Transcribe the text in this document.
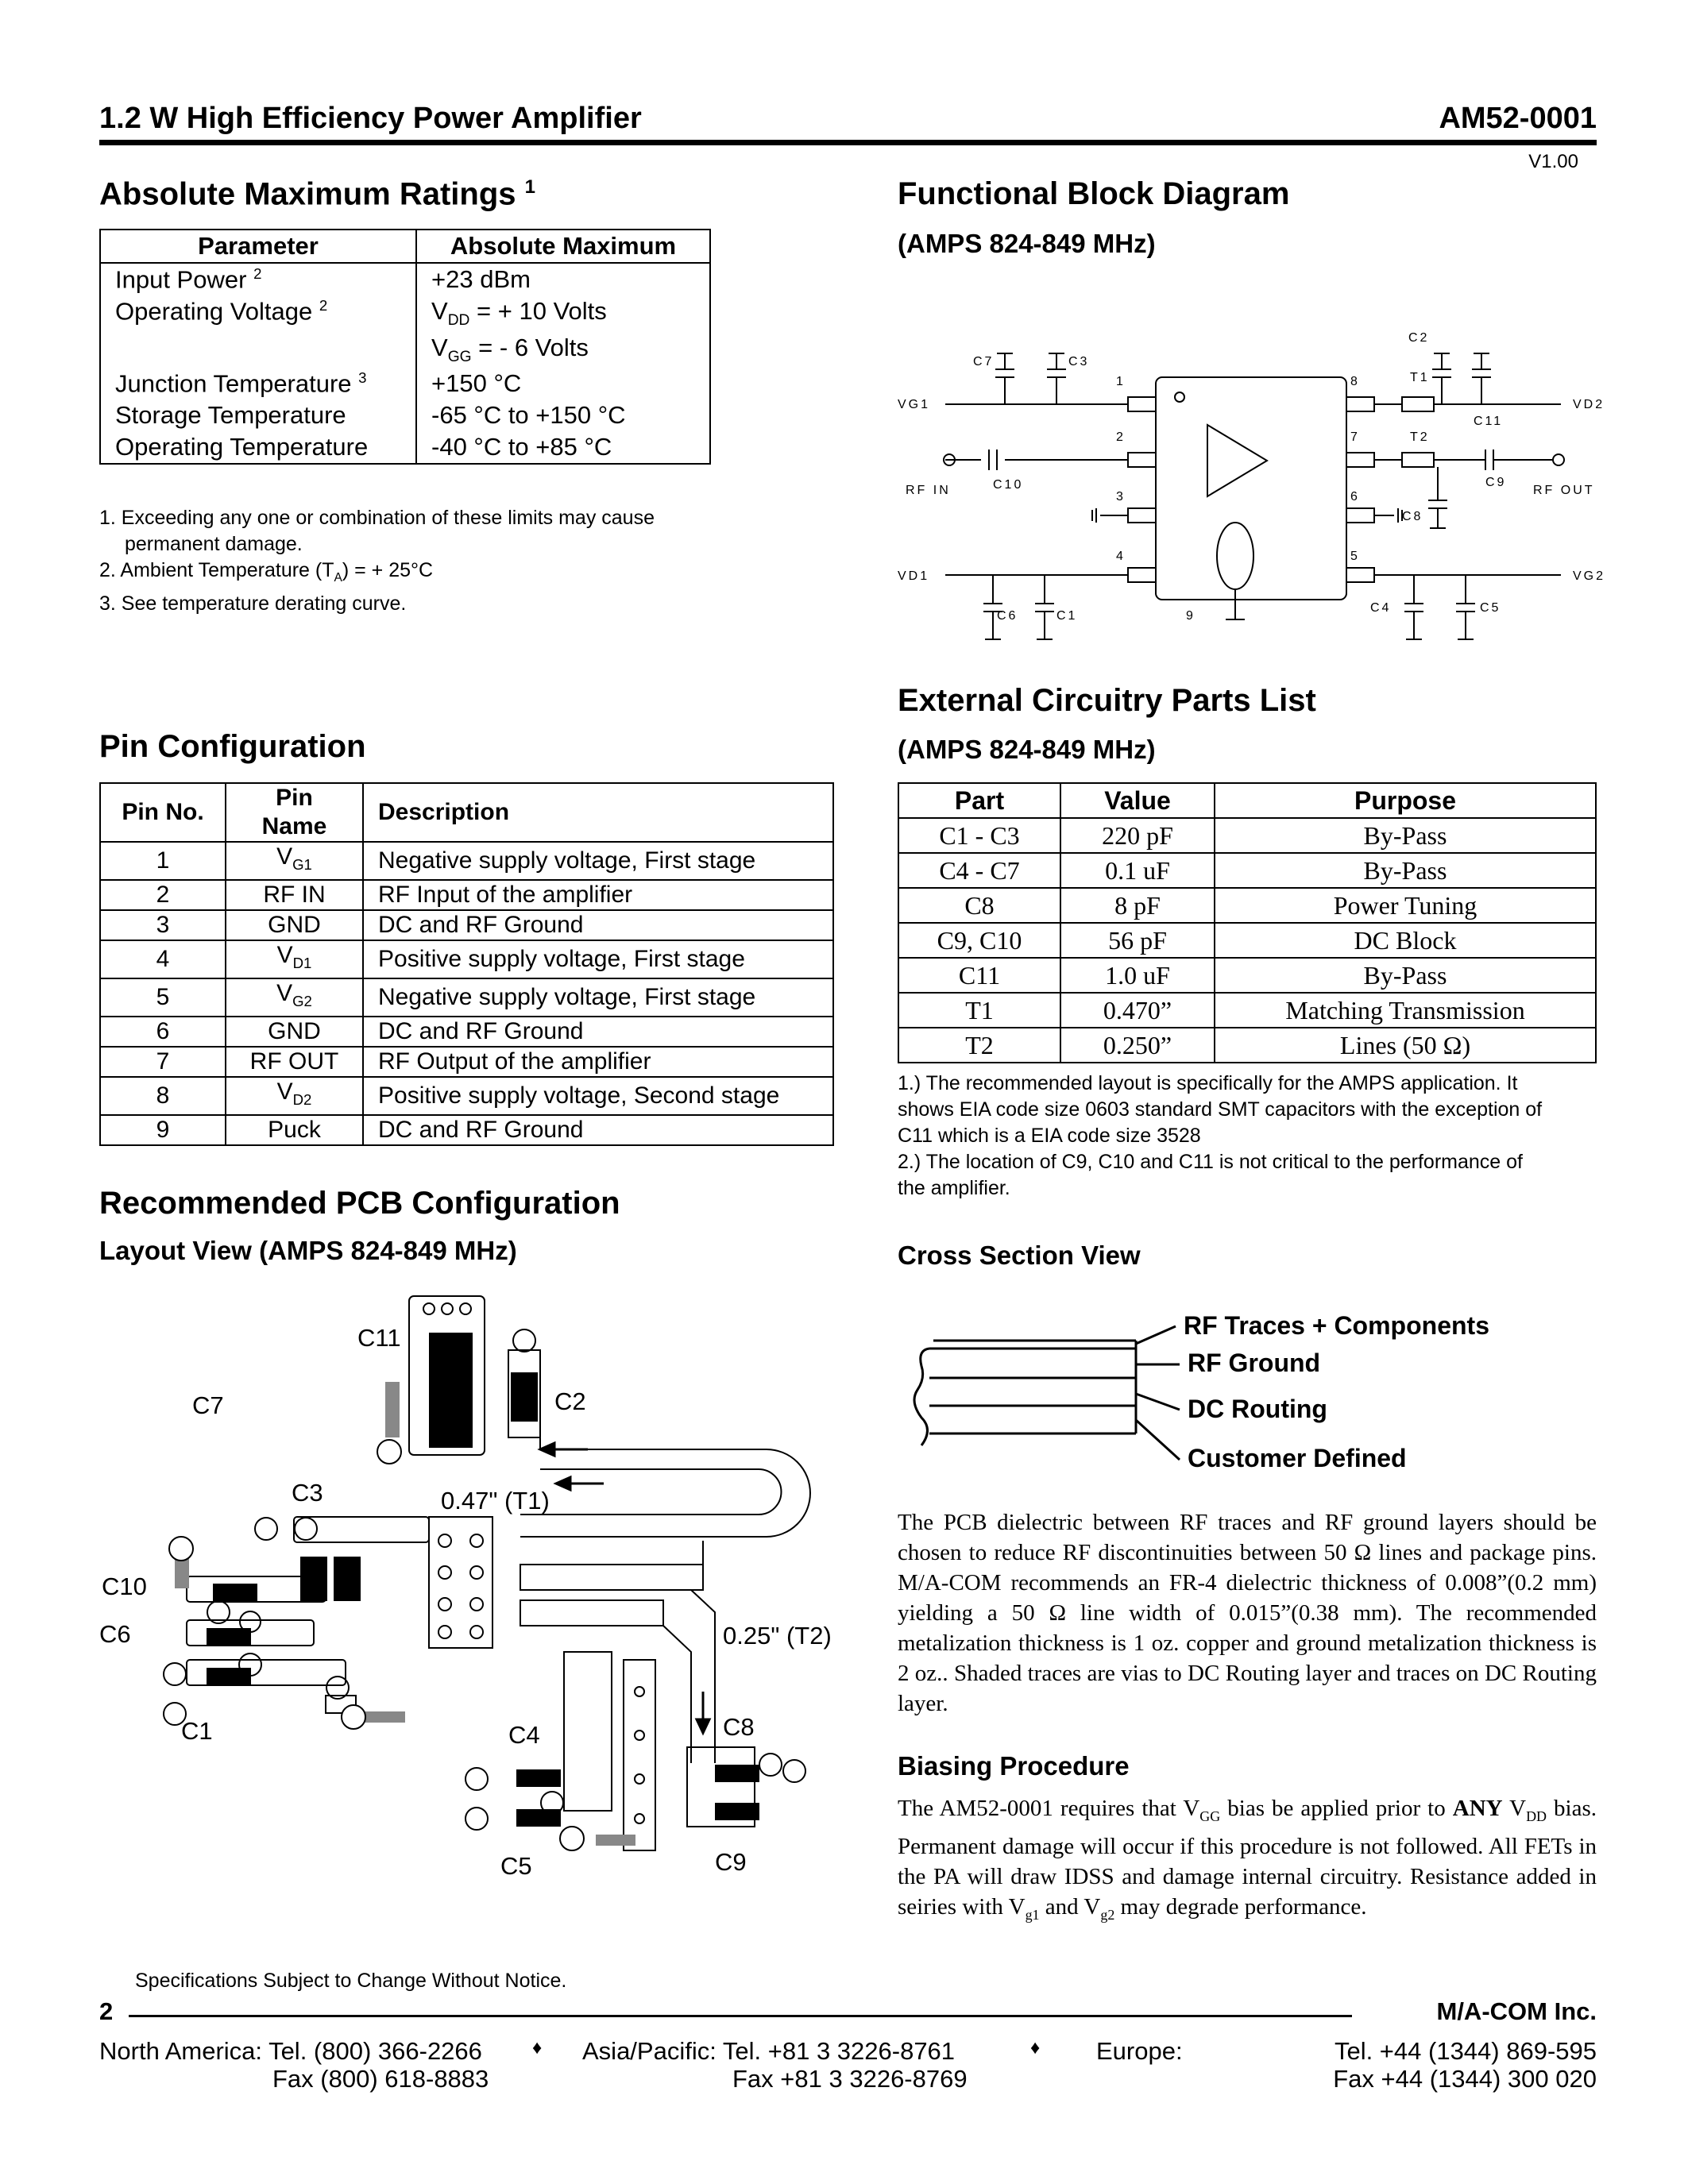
1.2 W High Efficiency Power Amplifier	AM52-0001
V1.00
Absolute Maximum Ratings $^1$
Parameter	Absolute Maximum
Input Power $^2$	+23 dBm
Operating Voltage $^2$	$V_{DD}$ = + 10 Volts
	$V_{GG}$ = - 6 Volts
Junction Temperature $^3$	+150 °C
Storage Temperature	-65 °C to +150 °C
Operating Temperature	-40 °C to +85 °C
1. Exceeding any one or combination of these limits may cause
permanent damage.
2. Ambient Temperature $(T_A)$ = + 25°C
3. See temperature derating curve.
Pin Configuration
Pin No.	Pin Name	Description
1	$V_{G1}$	Negative supply voltage, First stage
2	RF IN	RF Input of the amplifier
3	GND	DC and RF Ground
4	$V_{D1}$	Positive supply voltage, First stage
5	$V_{G2}$	Negative supply voltage, First stage
6	GND	DC and RF Ground
7	RF OUT	RF Output of the amplifier
8	$V_{D2}$	Positive supply voltage, Second stage
9	Puck	DC and RF Ground
Recommended PCB Configuration
Layout View (AMPS 824-849 MHz)
C11
C2
C7
C3	0.47" (T1)
C10
C6
C1
0.25" (T2)
C4	C8
C5	C9
Functional Block Diagram
(AMPS 824-849 MHz)
VG1
RF IN
VD1
VD2
RF OUT
VG2
C7	C3
C10
C6	C1
C2
T1
C11
T2
C9
C8
C4	C5
1
2
3
4	5
6
7
8
9
External Circuitry Parts List
(AMPS 824-849 MHz)
Part	Value	Purpose
C1 - C3	220 pF	By-Pass
C4 - C7	0.1 uF	By-Pass
C8	8 pF	Power Tuning
C9, C10	56 pF	DC Block
C11	1.0 uF	By-Pass
T1	0.470”	Matching Transmission
T2	0.250”	Lines (50 Ω)
1.) The recommended layout is specifically for the AMPS application. It
shows EIA code size 0603 standard SMT capacitors with the exception of
C11 which is a EIA code size 3528
2.) The location of C9, C10 and C11 is not critical to the performance of
the amplifier.
Cross Section View
RF Traces + Components
RF Ground
DC Routing
Customer Defined
The PCB dielectric between RF traces and RF ground layers should be chosen to reduce RF discontinuities between 50 Ω lines and package pins. M/A-COM recommends an FR-4 dielectric thickness of 0.008”(0.2 mm) yielding a 50 Ω line width of 0.015”(0.38 mm). The recommended metalization thickness is 1 oz. copper and ground metalization thickness is 2 oz.. Shaded traces are vias to DC Routing layer and traces on DC Routing layer.
Biasing Procedure
The AM52-0001 requires that $V_{GG}$ bias be applied prior to ANY $V_{DD}$ bias. Permanent damage will occur if this procedure is not followed. All FETs in the PA will draw IDSS and damage internal circuitry. Resistance added in seiries with $V_{g1}$ and $V_{g2}$ may degrade performance.
Specifications Subject to Change Without Notice.
2	M/A-COM Inc.
North America: Tel. (800) 366-2266
Fax (800) 618-8883
♦ Asia/Pacific: Tel. +81 3 3226-8761
Fax +81 3 3226-8769
♦ Europe:	Tel. +44 (1344) 869-595
Fax +44 (1344) 300 020
